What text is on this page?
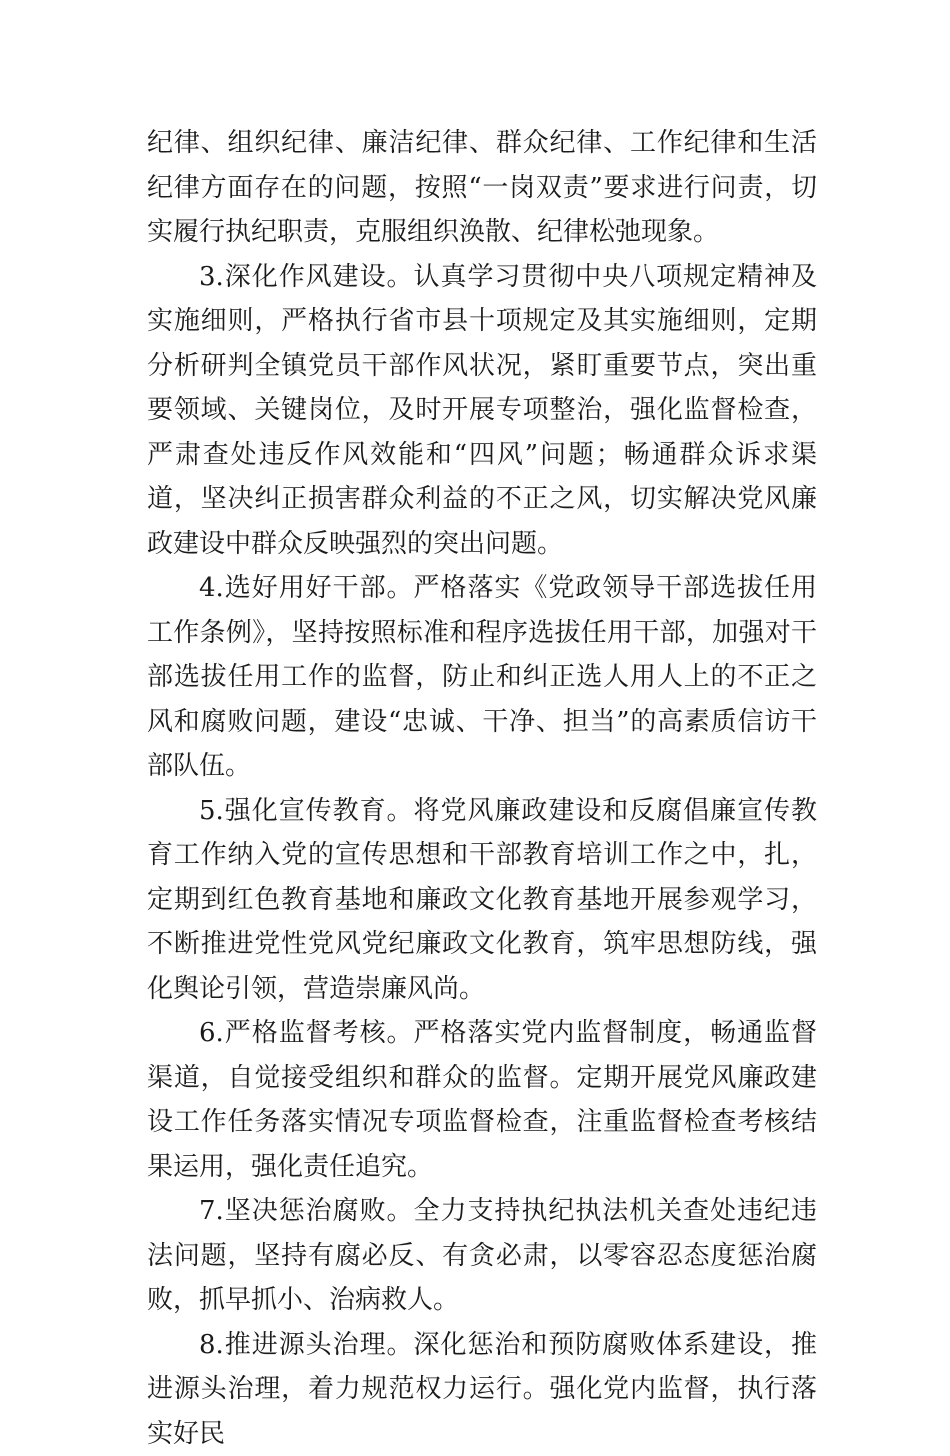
纪律、组织纪律、廉洁纪律、群众纪律、工作纪律和生活纪律方面存在的问题，按照“一岗双责”要求进行问责，切实履行执纪职责，克服组织涣散、纪律松弛现象。

3.深化作风建设。认真学习贯彻中央八项规定精神及实施细则，严格执行省市县十项规定及其实施细则，定期分析研判全镇党员干部作风状况，紧盯重要节点，突出重要领域、关键岗位，及时开展专项整治，强化监督检查，严肃查处违反作风效能和“四风”问题；畅通群众诉求渠道，坚决纠正损害群众利益的不正之风，切实解决党风廉政建设中群众反映强烈的突出问题。

4.选好用好干部。严格落实《党政领导干部选拔任用工作条例》，坚持按照标准和程序选拔任用干部，加强对干部选拔任用工作的监督，防止和纠正选人用人上的不正之风和腐败问题，建设“忠诚、干净、担当”的高素质信访干部队伍。

5.强化宣传教育。将党风廉政建设和反腐倡廉宣传教育工作纳入党的宣传思想和干部教育培训工作之中，扎，定期到红色教育基地和廉政文化教育基地开展参观学习，不断推进党性党风党纪廉政文化教育，筑牢思想防线，强化舆论引领，营造崇廉风尚。

6.严格监督考核。严格落实党内监督制度，畅通监督渠道，自觉接受组织和群众的监督。定期开展党风廉政建设工作任务落实情况专项监督检查，注重监督检查考核结果运用，强化责任追究。

7.坚决惩治腐败。全力支持执纪执法机关查处违纪违法问题，坚持有腐必反、有贪必肃，以零容忍态度惩治腐败，抓早抓小、治病救人。

8.推进源头治理。深化惩治和预防腐败体系建设，推进源头治理，着力规范权力运行。强化党内监督，执行落实好民
